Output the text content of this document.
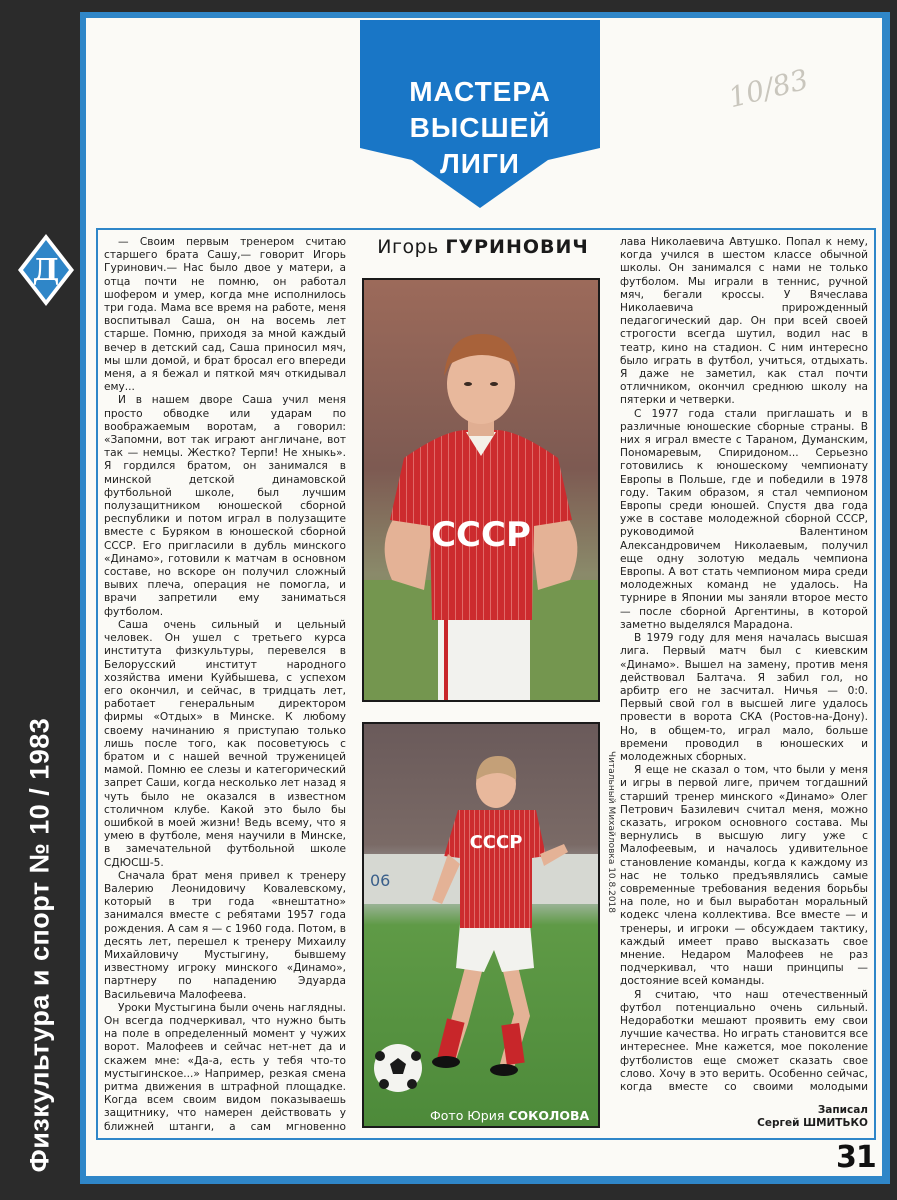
Д
Физкультура и спорт № 10 / 1983
МАСТЕРА
ВЫСШЕЙ
ЛИГИ
10/83

— Своим первым тренером считаю старшего брата Сашу,— говорит Игорь Гуринович.— Нас было двое у матери, а отца почти не помню, он работал шофером и умер, когда мне исполнилось три года. Мама все время на работе, меня воспитывал Саша, он на восемь лет старше. Помню, приходя за мной каждый вечер в детский сад, Саша приносил мяч, мы шли домой, и брат бросал его впереди меня, а я бежал и пяткой мяч откидывал ему...

И в нашем дворе Саша учил меня просто обводке или ударам по воображаемым воротам, а говорил: «Запомни, вот так играют англичане, вот так — немцы. Жестко? Терпи! Не хныкь». Я гордился братом, он занимался в минской детской динамовской футбольной школе, был лучшим полузащитником юношеской сборной республики и потом играл в полузащите вместе с Буряком в юношеской сборной СССР. Его пригласили в дубль минского «Динамо», готовили к матчам в основном составе, но вскоре он получил сложный вывих плеча, операция не помогла, и врачи запретили ему заниматься футболом.

Саша очень сильный и цельный человек. Он ушел с третьего курса института физкультуры, перевелся в Белорусский институт народного хозяйства имени Куйбышева, с успехом его окончил, и сейчас, в тридцать лет, работает генеральным директором фирмы «Отдых» в Минске. К любому своему начинанию я приступаю только лишь после того, как посоветуюсь с братом и с нашей вечной труженицей мамой. Помню ее слезы и категорический запрет Саши, когда несколько лет назад я чуть было не оказался в известном столичном клубе. Какой это было бы ошибкой в моей жизни! Ведь всему, что я умею в футболе, меня научили в Минске, в замечательной футбольной школе СДЮСШ-5.

Сначала брат меня привел к тренеру Валерию Леонидовичу Ковалевскому, который в три года «внештатно» занимался вместе с ребятами 1957 года рождения. А сам я — с 1960 года. Потом, в десять лет, перешел к тренеру Михаилу Михайловичу Мустыгину, бывшему известному игроку минского «Динамо», партнеру по нападению Эдуарда Васильевича Малофеева.

Уроки Мустыгина были очень наглядны. Он всегда подчеркивал, что нужно быть на поле в определенный момент у чужих ворот. Малофеев и сейчас нет-нет да и скажем мне: «Да-а, есть у тебя что-то мустыгинское...» Например, резкая смена ритма движения в штрафной площадке. Когда всем своим видом показываешь защитнику, что намерен действовать у ближней штанги, а сам мгновенно

Игорь ГУРИНОВИЧ
СССР
06
СССР
Фото Юрия СОКОЛОВА
Читальный Михайловка 10.8.2018

лава Николаевича Автушко. Попал к нему, когда учился в шестом классе обычной школы. Он занимался с нами не только футболом. Мы играли в теннис, ручной мяч, бегали кроссы. У Вячеслава Николаевича прирожденный педагогический дар. Он при всей своей строгости всегда шутил, водил нас в театр, кино на стадион. С ним интересно было играть в футбол, учиться, отдыхать. Я даже не заметил, как стал почти отличником, окончил среднюю школу на пятерки и четверки.

С 1977 года стали приглашать и в различные юношеские сборные страны. В них я играл вместе с Тараном, Думанским, Пономаревым, Спиридоном... Серьезно готовились к юношескому чемпионату Европы в Польше, где и победили в 1978 году. Таким образом, я стал чемпионом Европы среди юношей. Спустя два года уже в составе молодежной сборной СССР, руководимой Валентином Александровичем Николаевым, получил еще одну золотую медаль чемпиона Европы. А вот стать чемпионом мира среди молодежных команд не удалось. На турнире в Японии мы заняли второе место — после сборной Аргентины, в которой заметно выделялся Марадона.

В 1979 году для меня началась высшая лига. Первый матч был с киевским «Динамо». Вышел на замену, против меня действовал Балтача. Я забил гол, но арбитр его не засчитал. Ничья — 0:0. Первый свой гол в высшей лиге удалось провести в ворота СКА (Ростов-на-Дону). Но, в общем-то, играл мало, больше времени проводил в юношеских и молодежных сборных.

Я еще не сказал о том, что были у меня и игры в первой лиге, причем тогдашний старший тренер минского «Динамо» Олег Петрович Базилевич считал меня, можно сказать, игроком основного состава. Мы вернулись в высшую лигу уже с Малофеевым, и началось удивительное становление команды, когда к каждому из нас не только предъявлялись самые современные требования ведения борьбы на поле, но и был выработан моральный кодекс члена коллектива. Все вместе — и тренеры, и игроки — обсуждаем тактику, каждый имеет право высказать свое мнение. Недаром Малофеев не раз подчеркивал, что наши принципы — достояние всей команды.

Я считаю, что наш отечественный футбол потенциально очень сильный. Недоработки мешают проявить ему свои лучшие качества. Но играть становится все интереснее. Мне кажется, мое поколение футболистов еще сможет сказать свое слово. Хочу в это верить. Особенно сейчас, когда вместе со своими молодыми

Записал
Сергей ШМИТЬКО
31
